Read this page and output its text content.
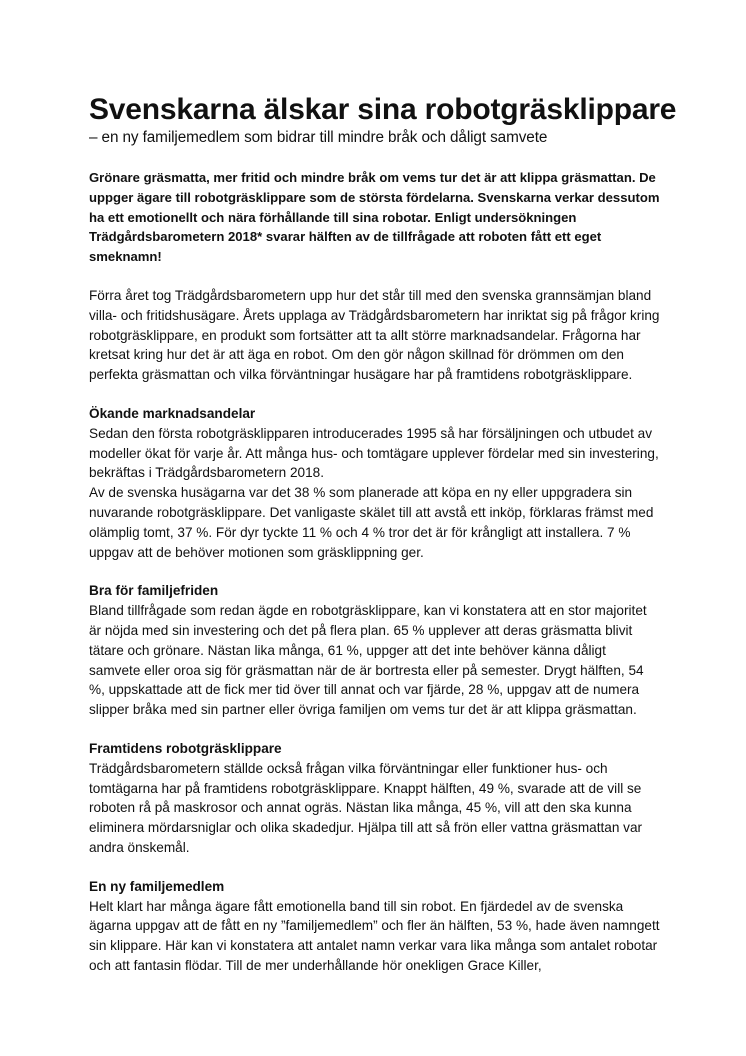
Svenskarna älskar sina robotgräsklippare

– en ny familjemedlem som bidrar till mindre bråk och dåligt samvete

Grönare gräsmatta, mer fritid och mindre bråk om vems tur det är att klippa gräsmattan. De uppger ägare till robotgräsklippare som de största fördelarna. Svenskarna verkar dessutom ha ett emotionellt och nära förhållande till sina robotar. Enligt undersökningen Trädgårdsbarometern 2018* svarar hälften av de tillfrågade att roboten fått ett eget smeknamn!

Förra året tog Trädgårdsbarometern upp hur det står till med den svenska grannsämjan bland villa- och fritidshusägare. Årets upplaga av Trädgårdsbarometern har inriktat sig på frågor kring robotgräsklippare, en produkt som fortsätter att ta allt större marknadsandelar. Frågorna har kretsat kring hur det är att äga en robot. Om den gör någon skillnad för drömmen om den perfekta gräsmattan och vilka förväntningar husägare har på framtidens robotgräsklippare.

Ökande marknadsandelar

Sedan den första robotgräsklipparen introducerades 1995 så har försäljningen och utbudet av modeller ökat för varje år. Att många hus- och tomtägare upplever fördelar med sin investering, bekräftas i Trädgårdsbarometern 2018.

Av de svenska husägarna var det 38 % som planerade att köpa en ny eller uppgradera sin nuvarande robotgräsklippare. Det vanligaste skälet till att avstå ett inköp, förklaras främst med olämplig tomt, 37 %. För dyr tyckte 11 % och 4 % tror det är för krångligt att installera. 7 % uppgav att de behöver motionen som gräsklippning ger.

Bra för familjefriden

Bland tillfrågade som redan ägde en robotgräsklippare, kan vi konstatera att en stor majoritet är nöjda med sin investering och det på flera plan. 65 % upplever att deras gräsmatta blivit tätare och grönare. Nästan lika många, 61 %, uppger att det inte behöver känna dåligt samvete eller oroa sig för gräsmattan när de är bortresta eller på semester. Drygt hälften, 54 %, uppskattade att de fick mer tid över till annat och var fjärde, 28 %, uppgav att de numera slipper bråka med sin partner eller övriga familjen om vems tur det är att klippa gräsmattan.

Framtidens robotgräsklippare

Trädgårdsbarometern ställde också frågan vilka förväntningar eller funktioner hus- och tomtägarna har på framtidens robotgräsklippare. Knappt hälften, 49 %, svarade att de vill se roboten rå på maskrosor och annat ogräs. Nästan lika många, 45 %, vill att den ska kunna eliminera mördarsniglar och olika skadedjur. Hjälpa till att så frön eller vattna gräsmattan var andra önskemål.

En ny familjemedlem

Helt klart har många ägare fått emotionella band till sin robot. En fjärdedel av de svenska ägarna uppgav att de fått en ny ”familjemedlem” och fler än hälften, 53 %, hade även namngett sin klippare. Här kan vi konstatera att antalet namn verkar vara lika många som antalet robotar och att fantasin flödar. Till de mer underhållande hör onekligen Grace Killer,
